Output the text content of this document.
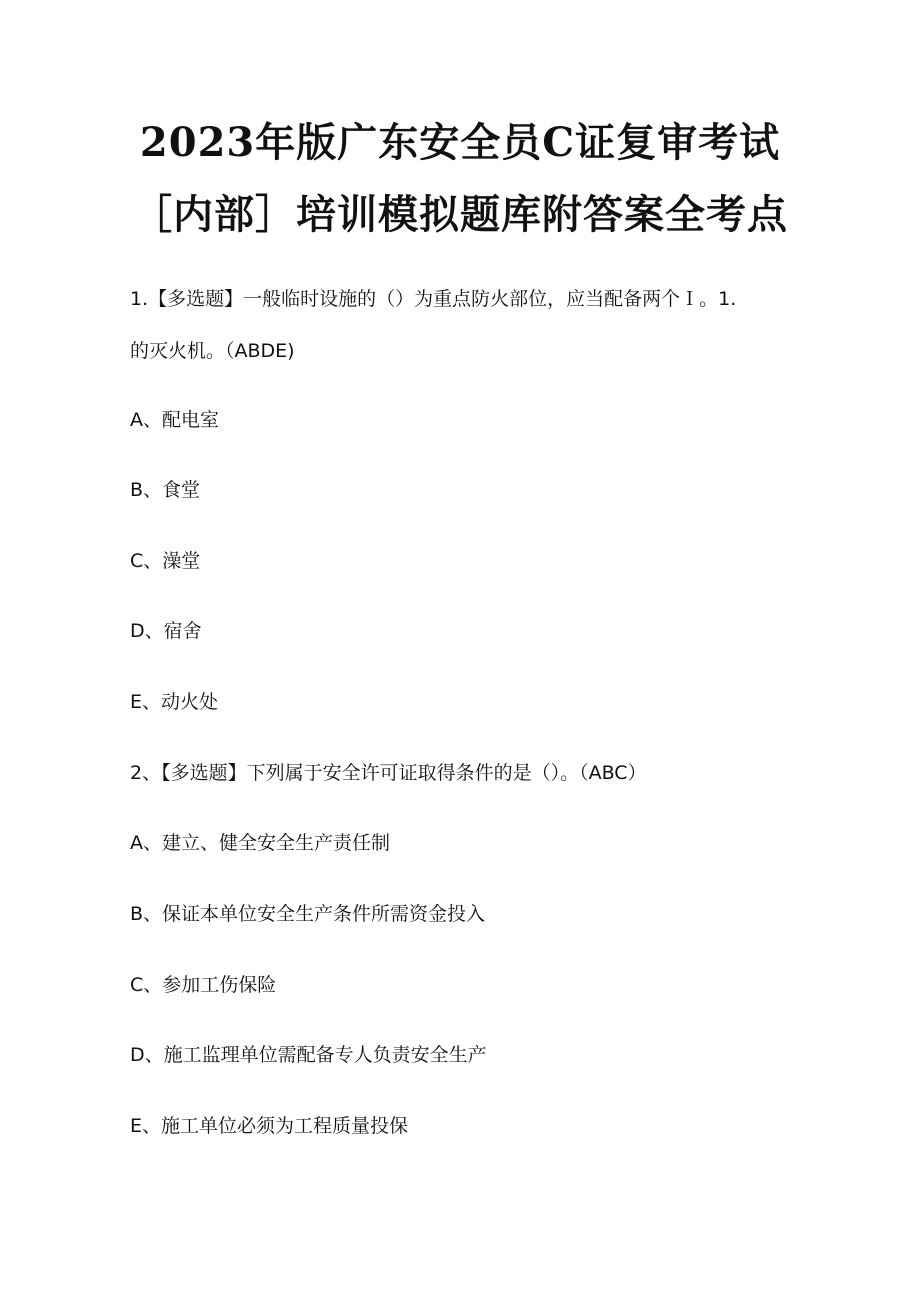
2023年版广东安全员C证复审考试
［内部］培训模拟题库附答案全考点

1.【多选题】一般临时设施的（）为重点防火部位，应当配备两个Ｉ。1.

的灭火机。（ABDE)

A、配电室

B、食堂

C、澡堂

D、宿舍

E、动火处

2、【多选题】下列属于安全许可证取得条件的是（）。（ABC）

A、建立、健全安全生产责任制

B、保证本单位安全生产条件所需资金投入

C、参加工伤保险

D、施工监理单位需配备专人负责安全生产

E、施工单位必须为工程质量投保
